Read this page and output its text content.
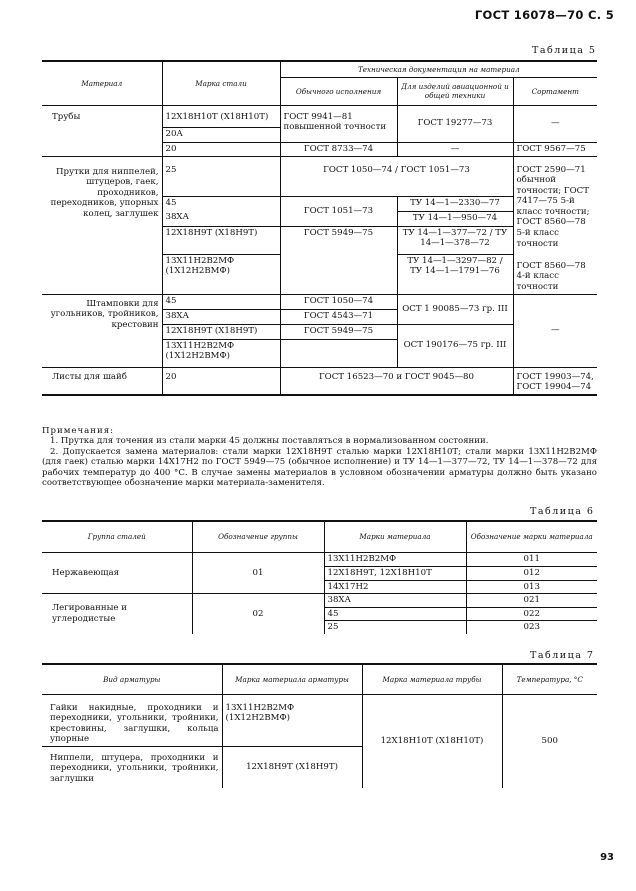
ГОСТ 16078—70 С. 5
Таблица 5
Материал	Марка стали	Техническая документация на материал		
		Обычного исполнения	Для изделий авиационной и общей техники	Сортамент
Трубы	12Х18Н10Т (Х18Н10Т)	ГОСТ 9941—81 повышенной точности	ГОСТ 19277—73	—
	20А			
	20	ГОСТ 8733—74	—	ГОСТ 9567—75
Прутки для ниппелей, штуцеров, гаек, проходников, переходников, упорных колец, заглушек	25	ГОСТ 1050—74 / ГОСТ 1051—73		ГОСТ 2590—71 обычной точности; ГОСТ 7417—75 5-й класс точности; ГОСТ 8560—78 5-й класс точности
	45	ГОСТ 1051—73	ТУ 14—1—2330—77	
	38ХА		ТУ 14—1—950—74	
	12Х18Н9Т (Х18Н9Т)	ГОСТ 5949—75	ТУ 14—1—377—72 / ТУ 14—1—378—72	
	13Х11Н2В2МФ (1Х12Н2ВМФ)		ТУ 14—1—3297—82 / ТУ 14—1—1791—76	ГОСТ 8560—78 4-й класс точности
Штамповки для угольников, тройников, крестовин	45	ГОСТ 1050—74	ОСТ 1 90085—73 гр. III	—
	38ХА	ГОСТ 4543—71		
	12Х18Н9Т (Х18Н9Т)	ГОСТ 5949—75	ОСТ 190176—75 гр. III	
	13Х11Н2В2МФ (1Х12Н2ВМФ)			
Листы для шайб	20	ГОСТ 16523—70 и ГОСТ 9045—80		ГОСТ 19903—74, ГОСТ 19904—74

Примечания:

1. Прутка для точения из стали марки 45 должны поставляться в нормализованном состоянии.

2. Допускается замена материалов: стали марки 12Х18Н9Т сталью марки 12Х18Н10Т; стали марки 13Х11Н2В2МФ (для гаек) сталью марки 14Х17Н2 по ГОСТ 5949—75 (обычное исполнение) и ТУ 14—1—377—72, ТУ 14—1—378—72 для рабочих температур до 400 °С. В случае замены материалов в условном обозначении арматуры должно быть указано соответствующее обозначение марки материала-заменителя.

Таблица 6
Группа сталей	Обозначение группы	Марки материала	Обозначение марки материала
Нержавеющая	01	13Х11Н2В2МФ	011
		12Х18Н9Т, 12Х18Н10Т	012
		14Х17Н2	013
Легированные и углеродистые	02	38ХА	021
		45	022
		25	023
Таблица 7
Вид арматуры	Марка материала арматуры	Марка материала трубы	Температура, °С
Гайки накидные, проходники и переходники, угольники, тройники, крестовины, заглушки, кольца упорные	13Х11Н2В2МФ (1Х12Н2ВМФ)	12Х18Н10Т (Х18Н10Т)	500
Ниппели, штуцера, проходники и переходники, угольники, тройники, заглушки	12Х18Н9Т (Х18Н9Т)		
93
